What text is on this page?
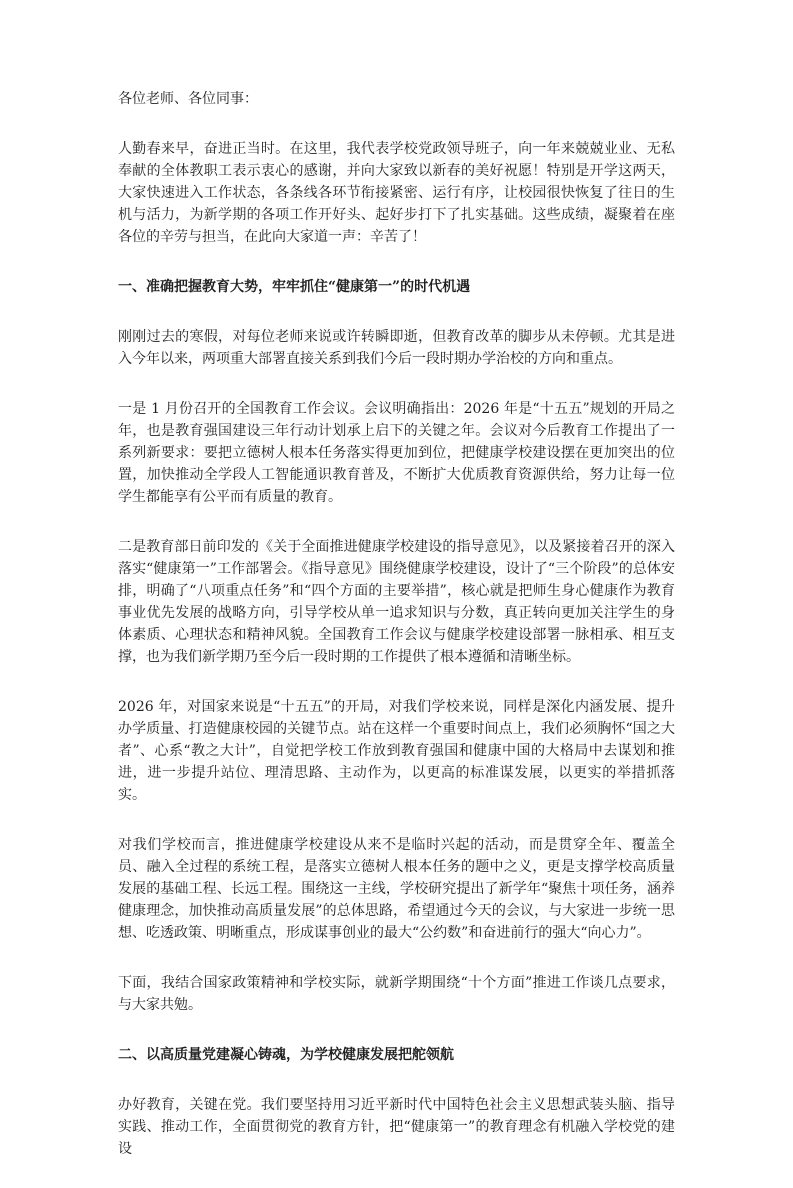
各位老师、各位同事：

人勤春来早，奋进正当时。在这里，我代表学校党政领导班子，向一年来兢兢业业、无私奉献的全体教职工表示衷心的感谢，并向大家致以新春的美好祝愿！特别是开学这两天，大家快速进入工作状态，各条线各环节衔接紧密、运行有序，让校园很快恢复了往日的生机与活力，为新学期的各项工作开好头、起好步打下了扎实基础。这些成绩，凝聚着在座各位的辛劳与担当，在此向大家道一声：辛苦了！

一、准确把握教育大势，牢牢抓住“健康第一”的时代机遇

刚刚过去的寒假，对每位老师来说或许转瞬即逝，但教育改革的脚步从未停顿。尤其是进入今年以来，两项重大部署直接关系到我们今后一段时期办学治校的方向和重点。

一是 1 月份召开的全国教育工作会议。会议明确指出：2026 年是“十五五”规划的开局之年，也是教育强国建设三年行动计划承上启下的关键之年。会议对今后教育工作提出了一系列新要求：要把立德树人根本任务落实得更加到位，把健康学校建设摆在更加突出的位置，加快推动全学段人工智能通识教育普及，不断扩大优质教育资源供给，努力让每一位学生都能享有公平而有质量的教育。

二是教育部日前印发的《关于全面推进健康学校建设的指导意见》，以及紧接着召开的深入落实“健康第一”工作部署会。《指导意见》围绕健康学校建设，设计了“三个阶段”的总体安排，明确了“八项重点任务”和“四个方面的主要举措”，核心就是把师生身心健康作为教育事业优先发展的战略方向，引导学校从单一追求知识与分数，真正转向更加关注学生的身体素质、心理状态和精神风貌。全国教育工作会议与健康学校建设部署一脉相承、相互支撑，也为我们新学期乃至今后一段时期的工作提供了根本遵循和清晰坐标。

2026 年，对国家来说是“十五五”的开局，对我们学校来说，同样是深化内涵发展、提升办学质量、打造健康校园的关键节点。站在这样一个重要时间点上，我们必须胸怀“国之大者”、心系“教之大计”，自觉把学校工作放到教育强国和健康中国的大格局中去谋划和推进，进一步提升站位、理清思路、主动作为，以更高的标准谋发展，以更实的举措抓落实。

对我们学校而言，推进健康学校建设从来不是临时兴起的活动，而是贯穿全年、覆盖全员、融入全过程的系统工程，是落实立德树人根本任务的题中之义，更是支撑学校高质量发展的基础工程、长远工程。围绕这一主线，学校研究提出了新学年“聚焦十项任务，涵养健康理念，加快推动高质量发展”的总体思路，希望通过今天的会议，与大家进一步统一思想、吃透政策、明晰重点，形成谋事创业的最大“公约数”和奋进前行的强大“向心力”。

下面，我结合国家政策精神和学校实际，就新学期围绕“十个方面”推进工作谈几点要求，与大家共勉。

二、以高质量党建凝心铸魂，为学校健康发展把舵领航

办好教育，关键在党。我们要坚持用习近平新时代中国特色社会主义思想武装头脑、指导实践、推动工作，全面贯彻党的教育方针，把“健康第一”的教育理念有机融入学校党的建设
